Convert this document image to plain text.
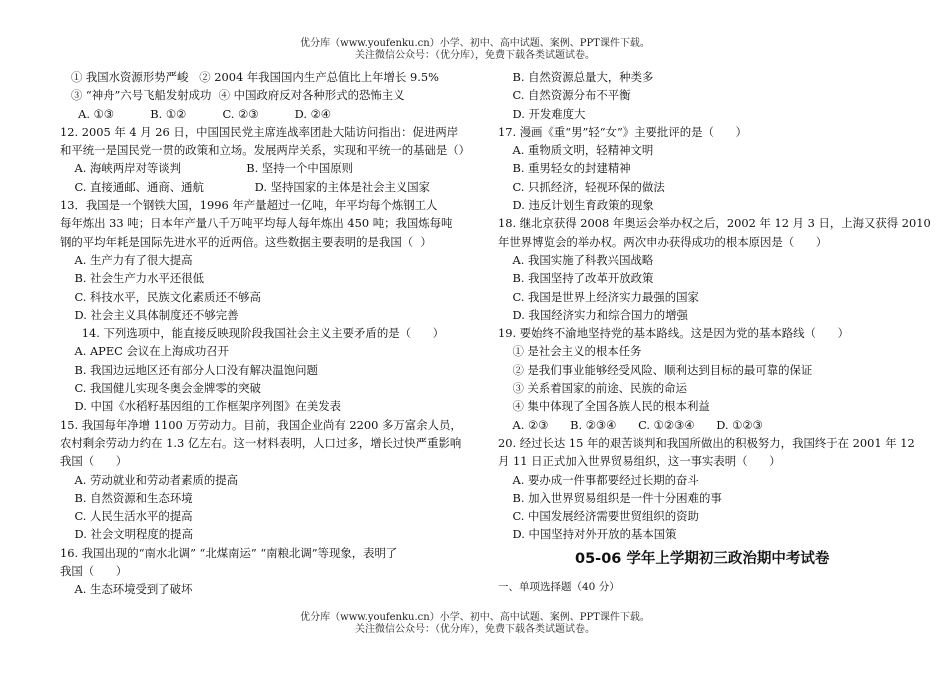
优分库（www.youfenku.cn）小学、初中、高中试题、案例、PPT课件下载。
关注微信公众号：（优分库），免费下载各类试题试卷。
① 我国水资源形势严峻   ② 2004 年我国国内生产总值比上年增长 9.5%
③ “神舟”六号飞船发射成功  ④ 中国政府反对各种形式的恐怖主义
A. ①③          B. ①②          C. ②③          D. ②④
12. 2005 年 4 月 26 日，中国国民党主席连战率团赴大陆访问指出：促进两岸
和平统一是国民党一贯的政策和立场。发展两岸关系，实现和平统一的基础是（）
A. 海峡两岸对等谈判                  B. 坚持一个中国原则
C. 直接通邮、通商、通航              D. 坚持国家的主体是社会主义国家
13．我国是一个钢铁大国，1996 年产量超过一亿吨，年平均每个炼钢工人
每年炼出 33 吨；日本年产量八千万吨平均每人每年炼出 450 吨；我国炼每吨
钢的平均年耗是国际先进水平的近两倍。这些数据主要表明的是我国（  ）
A. 生产力有了很大提高
B. 社会生产力水平还很低
C. 科技水平，民族文化素质还不够高
D. 社会主义具体制度还不够完善
14. 下列选项中，能直接反映现阶段我国社会主义主要矛盾的是（      ）
A. APEC 会议在上海成功召开
B. 我国边远地区还有部分人口没有解决温饱问题
C. 我国健儿实现冬奥会金牌零的突破
D. 中国《水稻籽基因组的工作框架序列图》在美发表
15. 我国每年净增 1100 万劳动力。目前，我国企业尚有 2200 多万富余人员，
农村剩余劳动力约在 1.3 亿左右。这一材料表明，人口过多，增长过快严重影响
我国（      ）
A. 劳动就业和劳动者素质的提高
B. 自然资源和生态环境
C. 人民生活水平的提高
D. 社会文明程度的提高
16. 我国出现的“南水北调” “北煤南运” “南粮北调”等现象，表明了
我国（      ）
A. 生态环境受到了破坏
B. 自然资源总量大，种类多
C. 自然资源分布不平衡
D. 开发难度大
17. 漫画《重“男”轻“女”》主要批评的是（      ）
A. 重物质文明，轻精神文明
B. 重男轻女的封建精神
C. 只抓经济，轻视环保的做法
D. 违反计划生育政策的现象
18. 继北京获得 2008 年奥运会举办权之后，2002 年 12 月 3 日，上海又获得 2010
年世界博览会的举办权。两次申办获得成功的根本原因是（      ）
A. 我国实施了科教兴国战略
B. 我国坚持了改革开放政策
C. 我国是世界上经济实力最强的国家
D. 我国经济实力和综合国力的增强
19. 要始终不渝地坚持党的基本路线。这是因为党的基本路线（      ）
① 是社会主义的根本任务
② 是我们事业能够经受风险、顺利达到目标的最可靠的保证
③ 关系着国家的前途、民族的命运
④ 集中体现了全国各族人民的根本利益
A. ②③      B. ②③④      C. ①②③④      D. ①②③
20. 经过长达 15 年的艰苦谈判和我国所做出的积极努力，我国终于在 2001 年 12
月 11 日正式加入世界贸易组织，这一事实表明（      ）
A. 要办成一件事都要经过长期的奋斗
B. 加入世界贸易组织是一件十分困难的事
C. 中国发展经济需要世贸组织的资助
D. 中国坚持对外开放的基本国策
05-06 学年上学期初三政治期中考试卷
一、单项选择题（40 分）
优分库（www.youfenku.cn）小学、初中、高中试题、案例、PPT课件下载。
关注微信公众号：（优分库），免费下载各类试题试卷。
